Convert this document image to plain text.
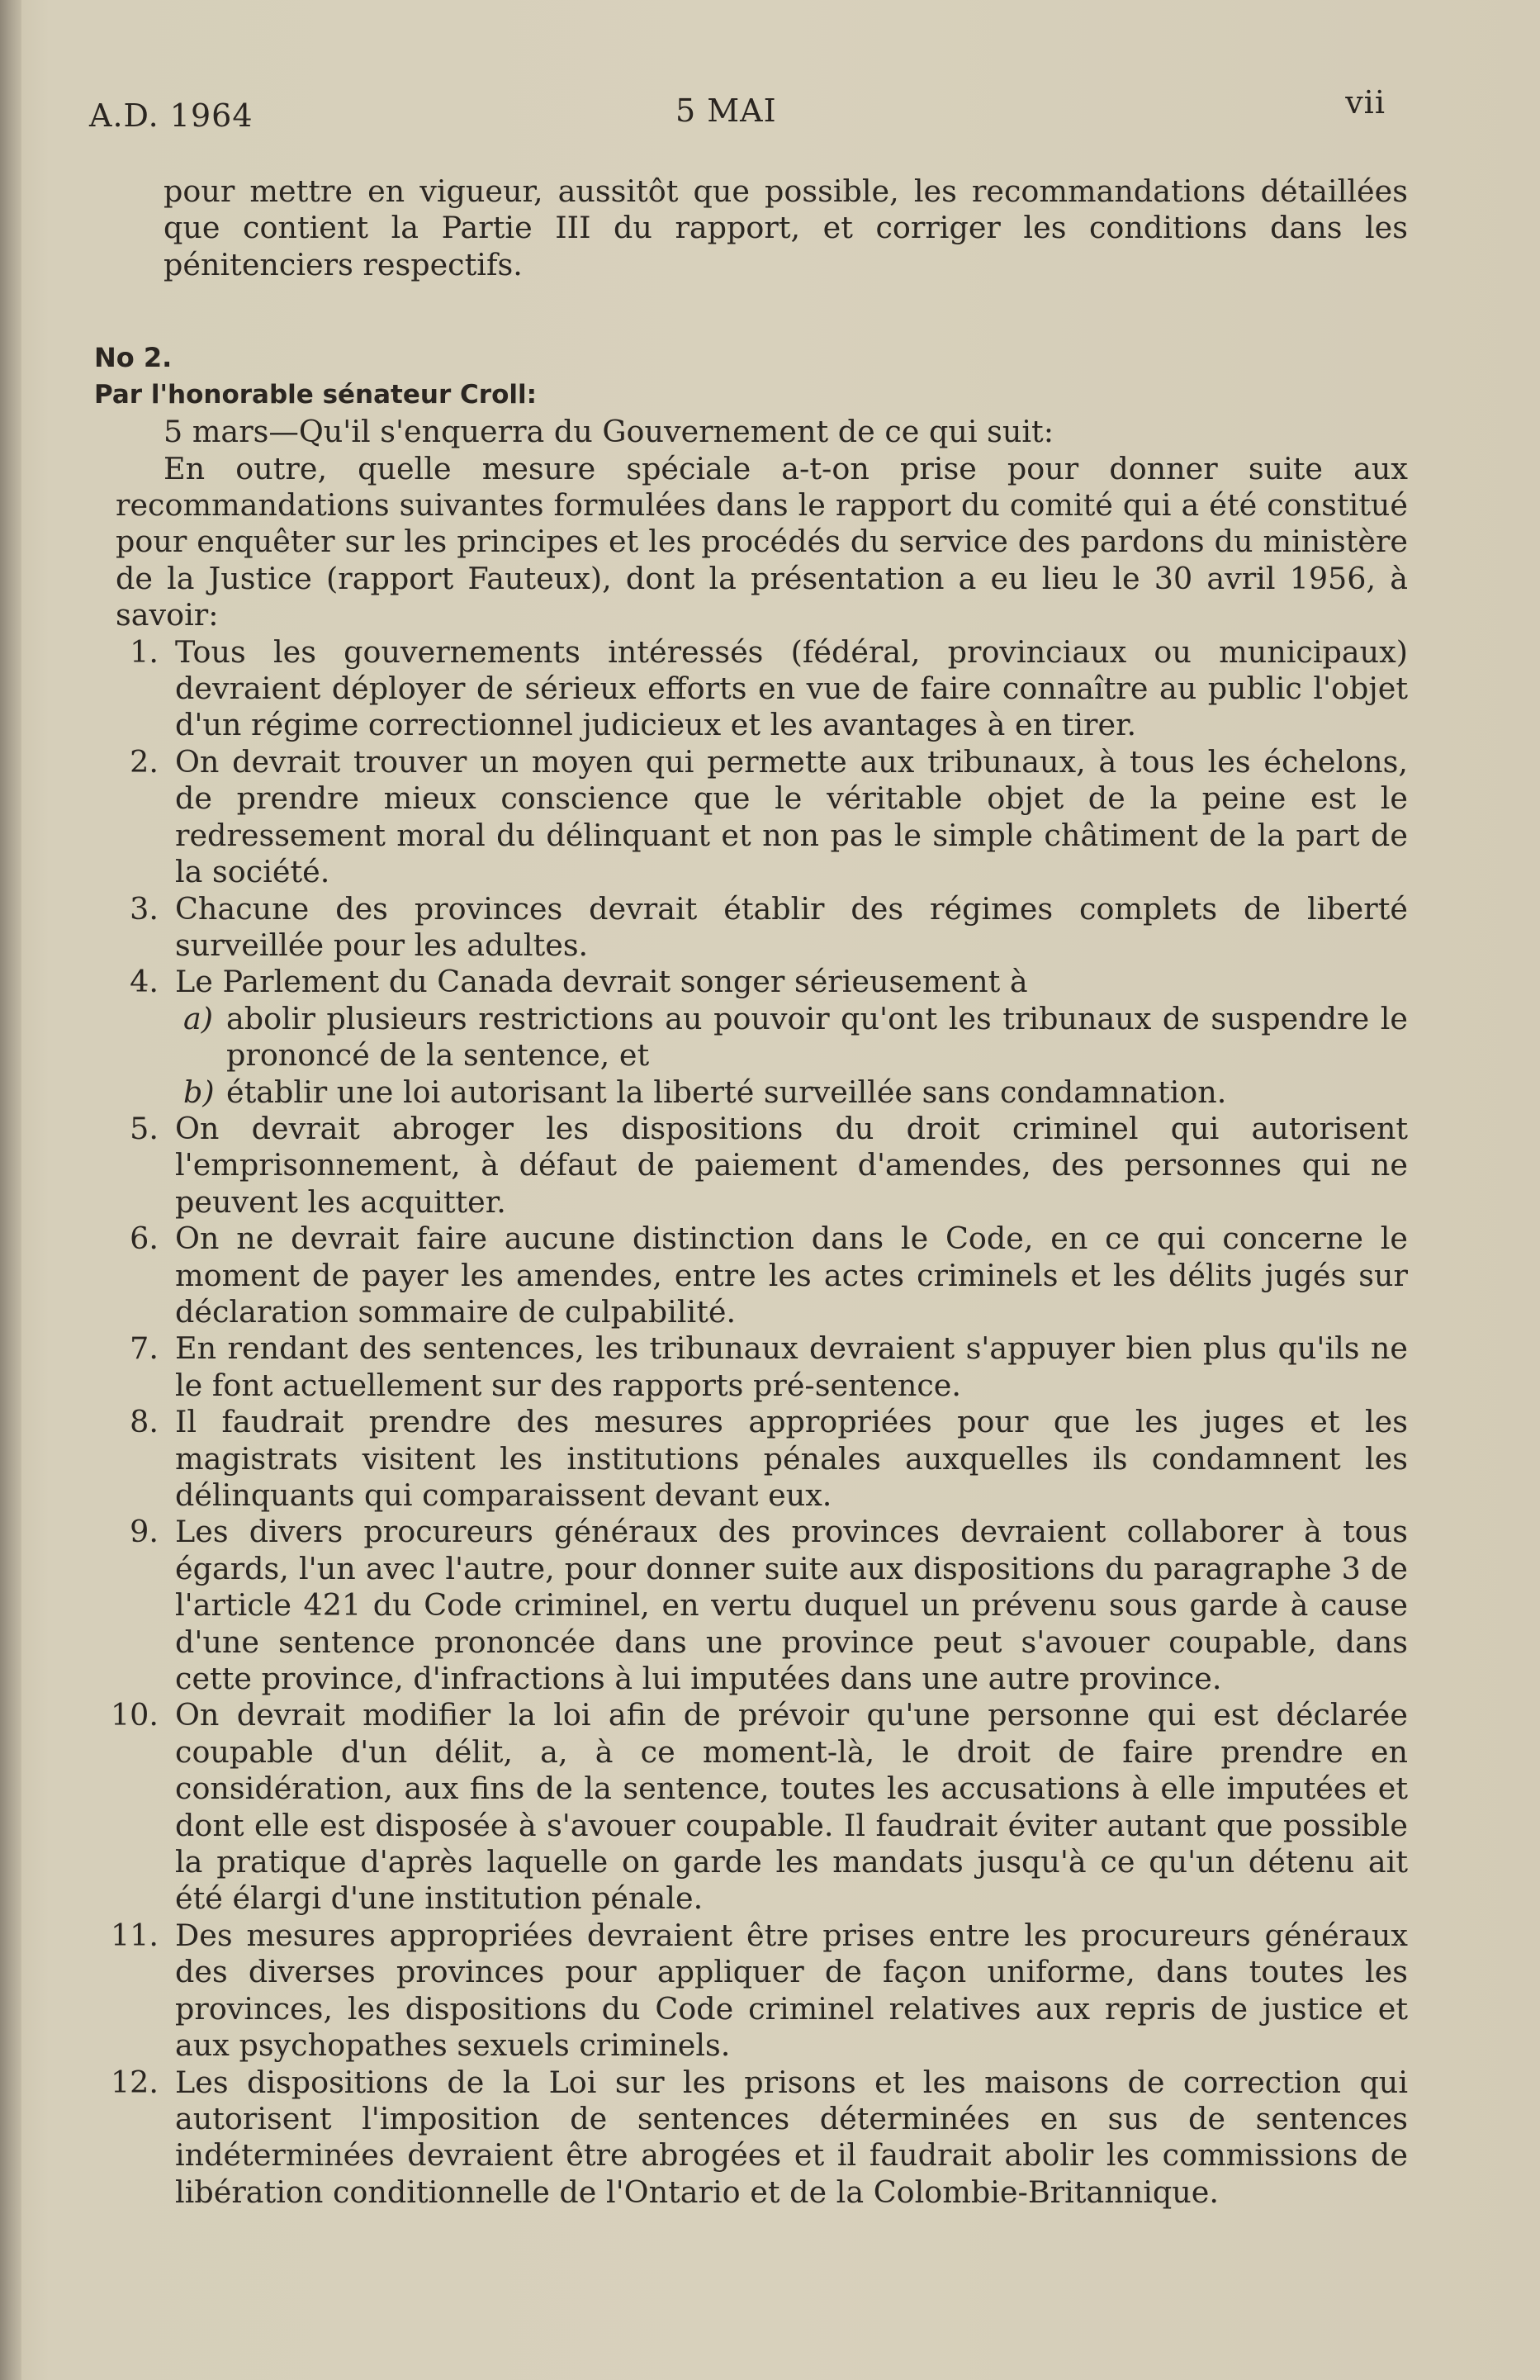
A.D. 1964	5 MAI	vii

pour mettre en vigueur, aussitôt que possible, les recommandations détaillées que contient la Partie III du rapport, et corriger les conditions dans les pénitenciers respectifs.

No 2.
Par l'honorable sénateur Croll:
5 mars—Qu'il s'enquerra du Gouvernement de ce qui suit:

En outre, quelle mesure spéciale a-t-on prise pour donner suite aux recommandations suivantes formulées dans le rapport du comité qui a été constitué pour enquêter sur les principes et les procédés du service des pardons du ministère de la Justice (rapport Fauteux), dont la présentation a eu lieu le 30 avril 1956, à savoir:

1. Tous les gouvernements intéressés (fédéral, provinciaux ou municipaux) devraient déployer de sérieux efforts en vue de faire connaître au public l'objet d'un régime correctionnel judicieux et les avantages à en tirer.
2. On devrait trouver un moyen qui permette aux tribunaux, à tous les échelons, de prendre mieux conscience que le véritable objet de la peine est le redressement moral du délinquant et non pas le simple châtiment de la part de la société.
3. Chacune des provinces devrait établir des régimes complets de liberté surveillée pour les adultes.
4. Le Parlement du Canada devrait songer sérieusement à
a) abolir plusieurs restrictions au pouvoir qu'ont les tribunaux de suspendre le prononcé de la sentence, et
b) établir une loi autorisant la liberté surveillée sans condamnation.
5. On devrait abroger les dispositions du droit criminel qui autorisent l'emprisonnement, à défaut de paiement d'amendes, des personnes qui ne peuvent les acquitter.
6. On ne devrait faire aucune distinction dans le Code, en ce qui concerne le moment de payer les amendes, entre les actes criminels et les délits jugés sur déclaration sommaire de culpabilité.
7. En rendant des sentences, les tribunaux devraient s'appuyer bien plus qu'ils ne le font actuellement sur des rapports pré-sentence.
8. Il faudrait prendre des mesures appropriées pour que les juges et les magistrats visitent les institutions pénales auxquelles ils condamnent les délinquants qui comparaissent devant eux.
9. Les divers procureurs généraux des provinces devraient collaborer à tous égards, l'un avec l'autre, pour donner suite aux dispositions du paragraphe 3 de l'article 421 du Code criminel, en vertu duquel un prévenu sous garde à cause d'une sentence prononcée dans une province peut s'avouer coupable, dans cette province, d'infractions à lui imputées dans une autre province.
10. On devrait modifier la loi afin de prévoir qu'une personne qui est déclarée coupable d'un délit, a, à ce moment-là, le droit de faire prendre en considération, aux fins de la sentence, toutes les accusations à elle imputées et dont elle est disposée à s'avouer coupable. Il faudrait éviter autant que possible la pratique d'après laquelle on garde les mandats jusqu'à ce qu'un détenu ait été élargi d'une institution pénale.
11. Des mesures appropriées devraient être prises entre les procureurs généraux des diverses provinces pour appliquer de façon uniforme, dans toutes les provinces, les dispositions du Code criminel relatives aux repris de justice et aux psychopathes sexuels criminels.
12. Les dispositions de la Loi sur les prisons et les maisons de correction qui autorisent l'imposition de sentences déterminées en sus de sentences indéterminées devraient être abrogées et il faudrait abolir les commissions de libération conditionnelle de l'Ontario et de la Colombie-Britannique.
